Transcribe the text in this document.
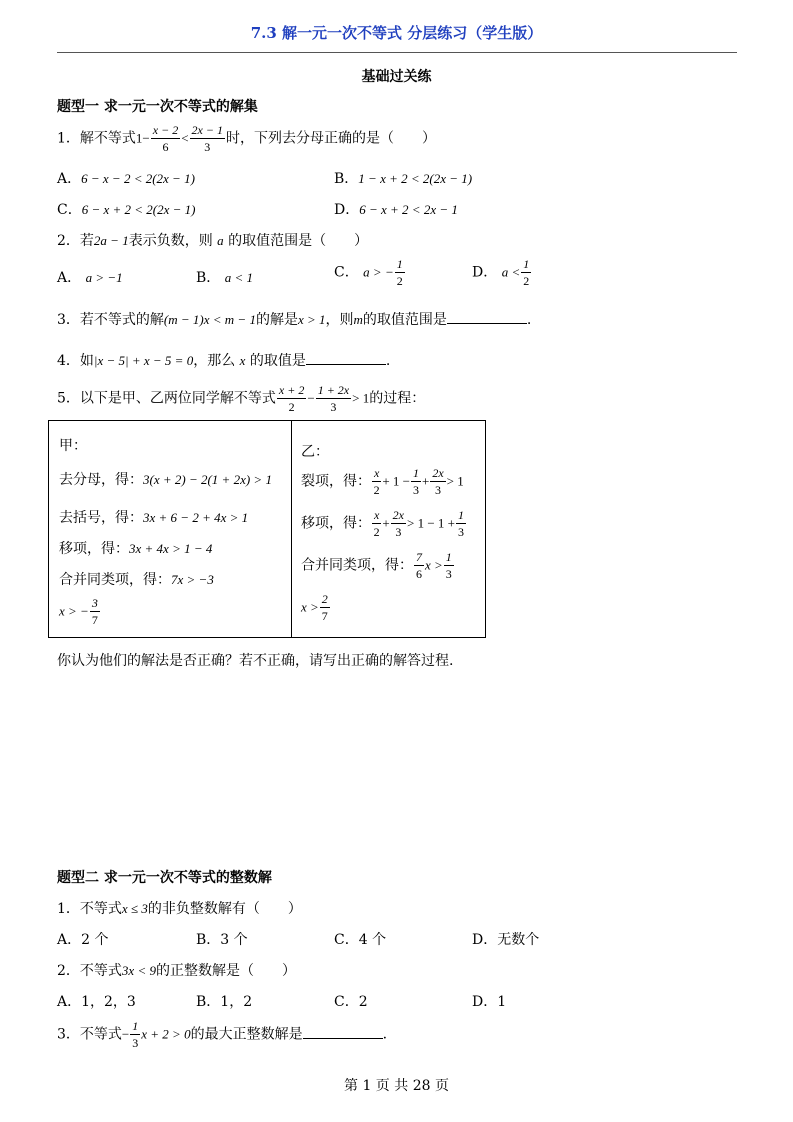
7.3 解一元一次不等式 分层练习（学生版）
基础过关练
题型一 求一元一次不等式的解集
1．解不等式$1- \frac{x - 2}{6} < \frac{2x - 1}{3}$ 时，下列去分母正确的是（　　）
A．6 − x − 2 < 2(2x − 1)	B．1 − x + 2 < 2(2x − 1)
C．6 − x + 2 < 2(2x − 1)	D．6 − x + 2 < 2x − 1
2．若2a − 1表示负数，则 a 的取值范围是（　　）
A． a > −1	B． a < 1	C． a > − $\frac{1}{2}$	D． $a < \frac{1}{2}$
3．若不等式的解(m − 1)x < m − 1的解是x > 1，则m的取值范围是	.
4．如|x − 5| + x − 5 = 0，那么 x 的取值是	.
5．以下是甲、乙两位同学解不等式 $\frac{x + 2}{2} - \frac{1 + 2x}{3} > 1$的过程：
甲：
去分母，得：3(x + 2) − 2(1 + 2x) > 1
去括号，得：3x + 6 − 2 + 4x > 1
移项，得：3x + 4x > 1 − 4
合并同类项，得：7x > −3
x > − $\frac{3}{7}$
乙：
裂项，得： $\frac{x}{2} + 1 - \frac{1}{3} + \frac{2x}{3} > 1$
移项，得： $\frac{x}{2} + \frac{2x}{3} > 1 - 1 + \frac{1}{3}$
合并同类项，得： $\frac{7}{6}$ $x > \frac{1}{3}$
$x > \frac{2}{7}$
你认为他们的解法是否正确？若不正确，请写出正确的解答过程.
题型二 求一元一次不等式的整数解
1．不等式x ≤ 3的非负整数解有（　　）
A．2 个	B．3 个	C．4 个	D．无数个
2．不等式3x < 9的正整数解是（　　）
A．1，2，3	B．1，2	C．2	D．1
3．不等式− $\frac{1}{3}$ x + 2 > 0的最大正整数解是	.
第 1 页 共 28 页
